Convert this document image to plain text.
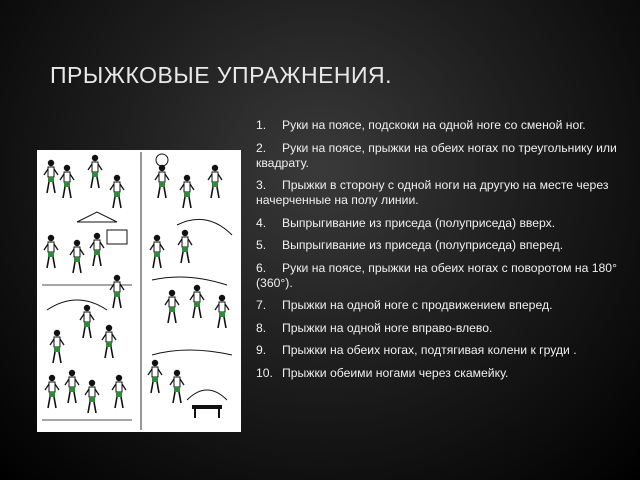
ПРЫЖКОВЫЕ УПРАЖНЕНИЯ.
1. Руки на поясе, подскоки на одной ноге со сменой ног.
2. Руки на поясе, прыжки на обеих ногах по треугольнику или квадрату.
3. Прыжки в сторону с одной ноги на другую на месте через начерченные на полу линии.
4. Выпрыгивание из приседа (полуприседа) вверх.
5. Выпрыгивание из приседа (полуприседа) вперед.
6. Руки на поясе, прыжки на обеих ногах с поворотом на 180° (360°).
7. Прыжки на одной ноге с продвижением вперед.
8. Прыжки на одной ноге вправо-влево.
9. Прыжки на обеих ногах, подтягивая колени к груди .
10. Прыжки обеими ногами через скамейку.
